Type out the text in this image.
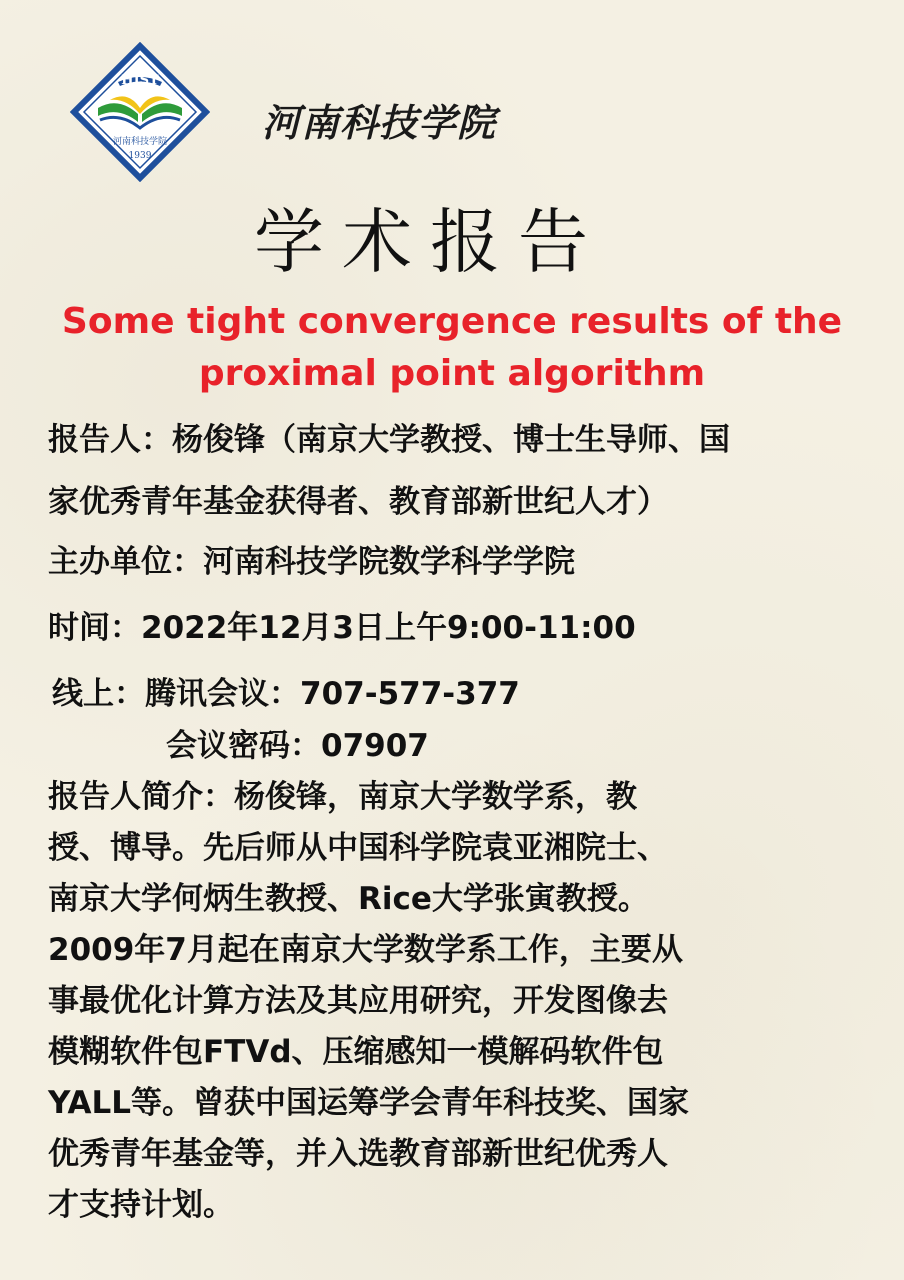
HIST
河南科技学院
1939
河南科技学院
学术报告
Some tight convergence results of the
proximal point algorithm
报告人：杨俊锋（南京大学教授、博士生导师、国
家优秀青年基金获得者、教育部新世纪人才）
主办单位：河南科技学院数学科学学院
时间：2022年12月3日上午9:00-11:00
线上：腾讯会议：707-577-377
会议密码：07907
报告人简介：杨俊锋，南京大学数学系，教
授、博导。先后师从中国科学院袁亚湘院士、
南京大学何炳生教授、Rice大学张寅教授。
2009年7月起在南京大学数学系工作，主要从
事最优化计算方法及其应用研究，开发图像去
模糊软件包FTVd、压缩感知一模解码软件包
YALL等。曾获中国运筹学会青年科技奖、国家
优秀青年基金等，并入选教育部新世纪优秀人
才支持计划。
